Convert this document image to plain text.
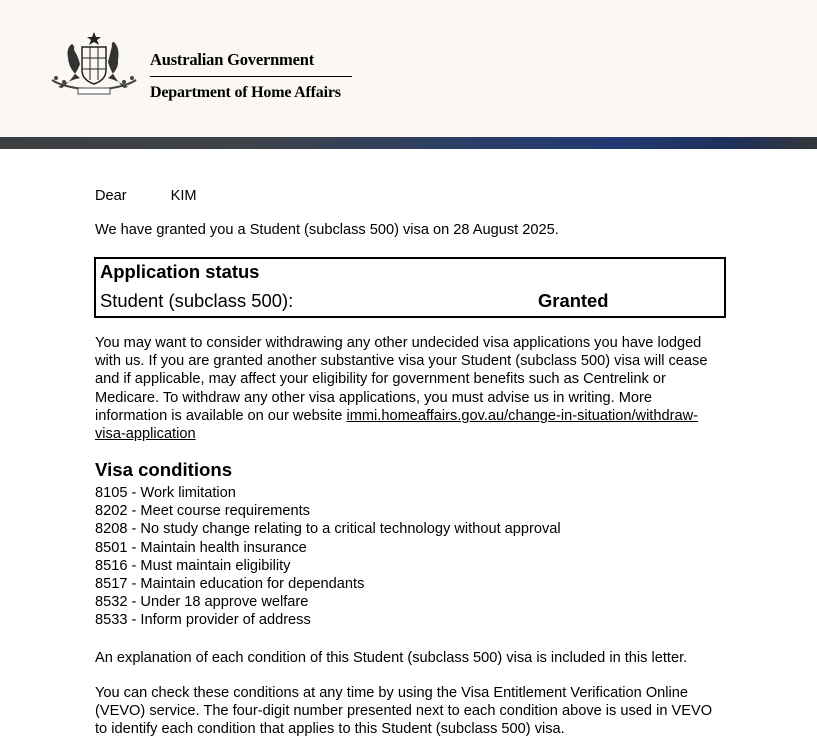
Australian Government
Department of Home Affairs
Dear	KIM
We have granted you a Student (subclass 500) visa on 28 August 2025.
Application status
Student (subclass 500):	Granted
You may want to consider withdrawing any other undecided visa applications you have lodged with us. If you are granted another substantive visa your Student (subclass 500) visa will cease and if applicable, may affect your eligibility for government benefits such as Centrelink or Medicare. To withdraw any other visa applications, you must advise us in writing. More information is available on our website immi.homeaffairs.gov.au/change-in-situation/withdraw-visa-application
Visa conditions
8105 - Work limitation
8202 - Meet course requirements
8208 - No study change relating to a critical technology without approval
8501 - Maintain health insurance
8516 - Must maintain eligibility
8517 - Maintain education for dependants
8532 - Under 18 approve welfare
8533 - Inform provider of address
An explanation of each condition of this Student (subclass 500) visa is included in this letter.
You can check these conditions at any time by using the Visa Entitlement Verification Online (VEVO) service. The four-digit number presented next to each condition above is used in VEVO to identify each condition that applies to this Student (subclass 500) visa.
